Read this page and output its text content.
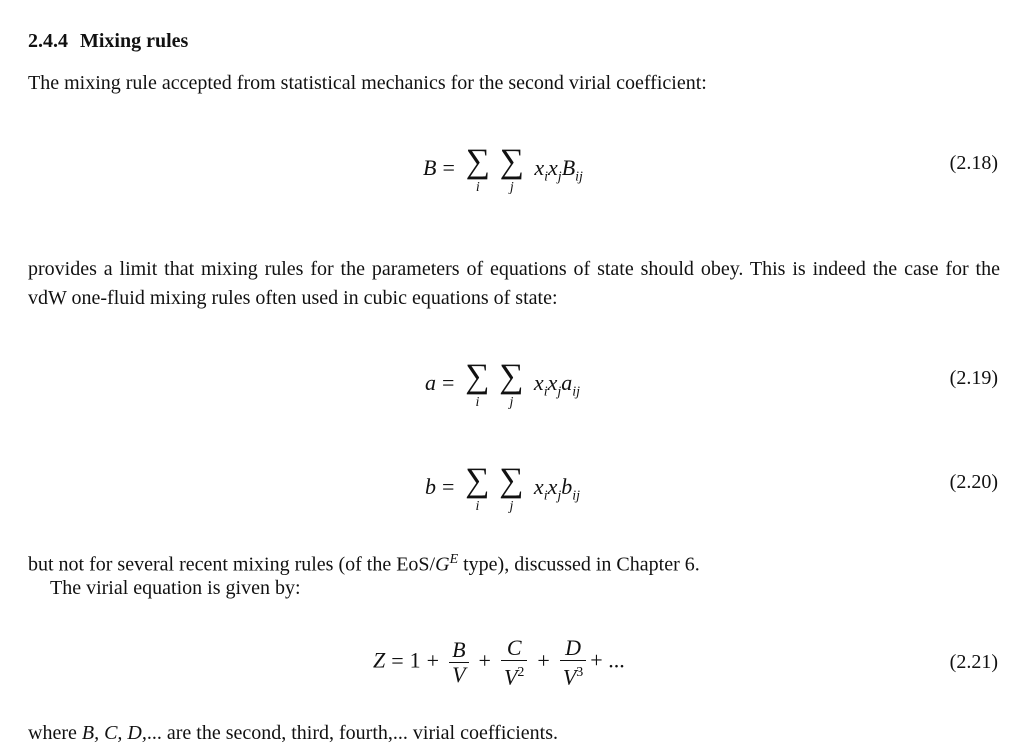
2.4.4 Mixing rules
The mixing rule accepted from statistical mechanics for the second virial coefficient:
B = ∑
i
∑
j
$x_ix_jB_{ij}$
(2.18)
provides a limit that mixing rules for the parameters of equations of state should obey. This is indeed the case for the vdW one-fluid mixing rules often used in cubic equations of state:
a = ∑
i
∑
j
$x_ix_ja_{ij}$
(2.19)
b = ∑
i
∑
j
$x_ix_jb_{ij}$
(2.20)
but not for several recent mixing rules (of the EoS/$G^E$ type), discussed in Chapter 6.
The virial equation is given by:
$Z = 1 + \frac{B}{V} + \frac{C}{V^2} + \frac{D}{V^3}$ + ...	(2.21)
where B, C, D,... are the second, third, fourth,... virial coefficients.
